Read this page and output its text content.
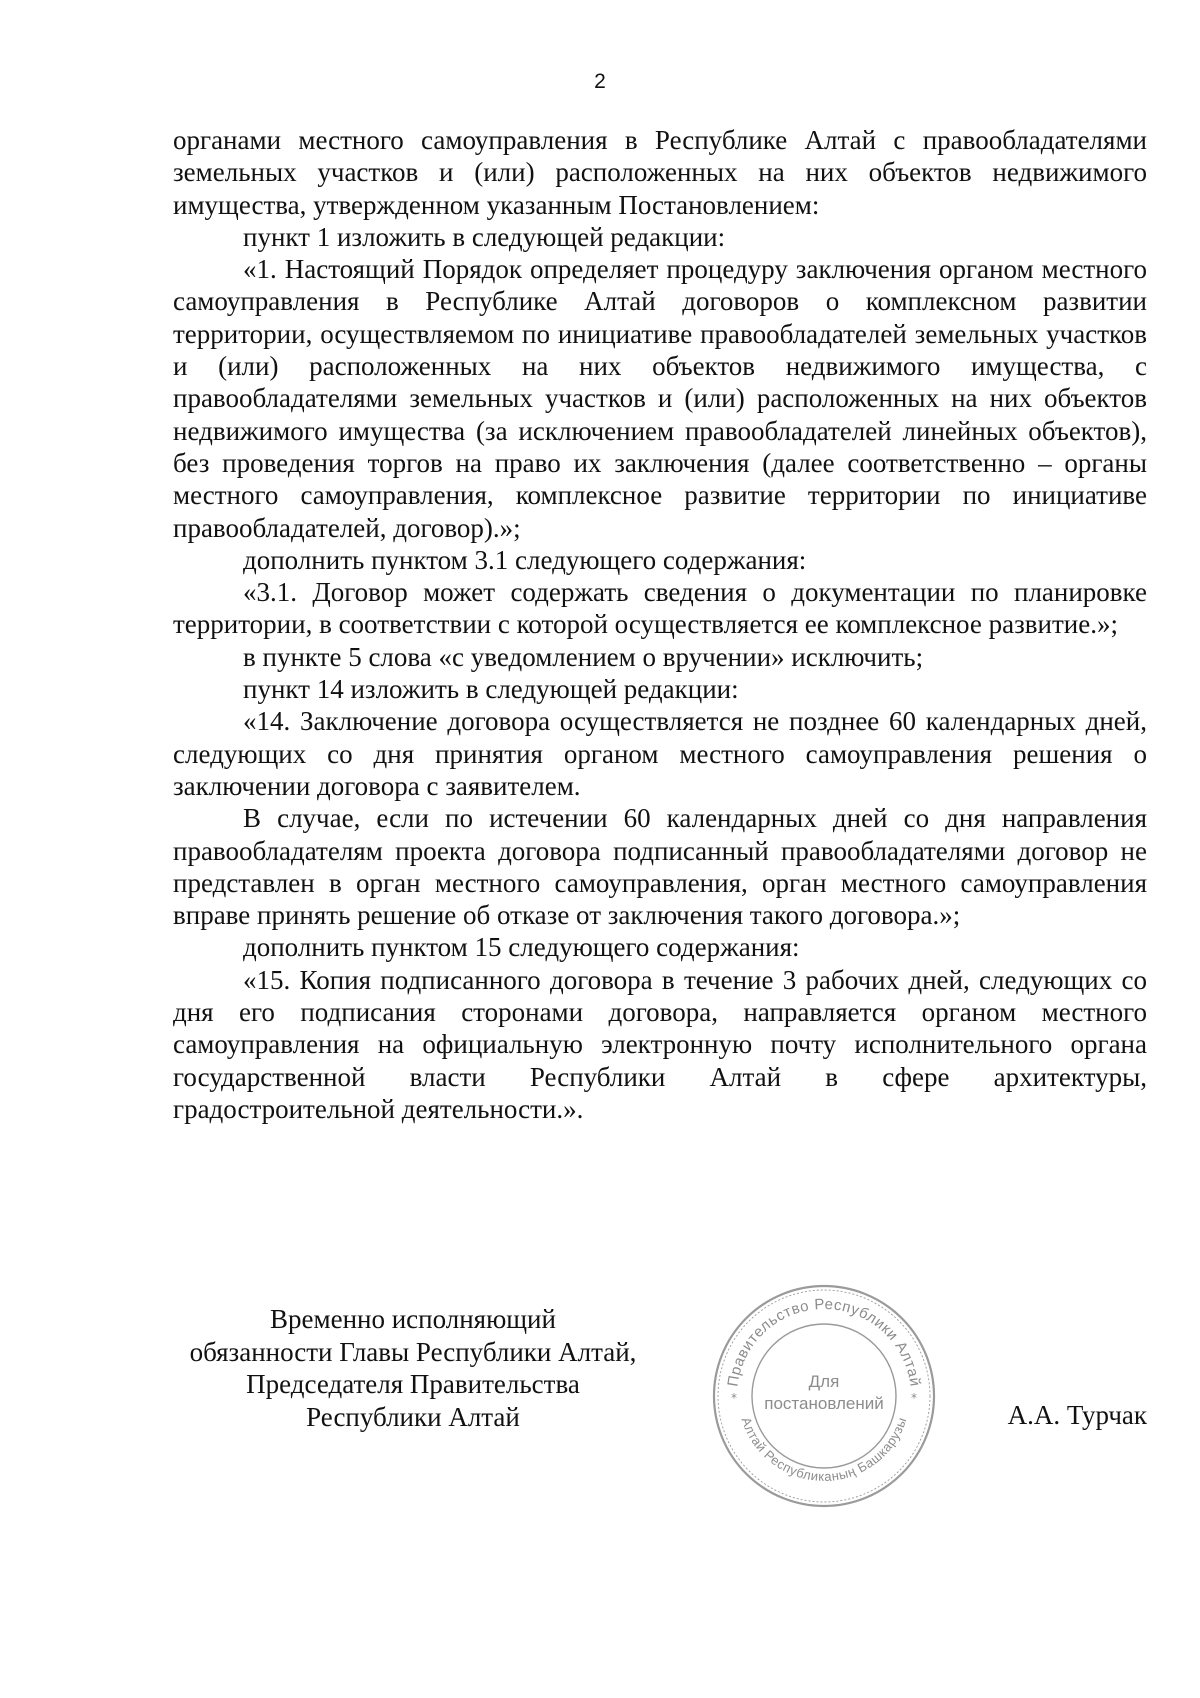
2

органами местного самоуправления в Республике Алтай с правообладателями земельных участков и (или) расположенных на них объектов недвижимого имущества, утвержденном указанным Постановлением:

пункт 1 изложить в следующей редакции:

«1. Настоящий Порядок определяет процедуру заключения органом местного самоуправления в Республике Алтай договоров о комплексном развитии территории, осуществляемом по инициативе правообладателей земельных участков и (или) расположенных на них объектов недвижимого имущества, с правообладателями земельных участков и (или) расположенных на них объектов недвижимого имущества (за исключением правообладателей линейных объектов), без проведения торгов на право их заключения (далее соответственно – органы местного самоуправления, комплексное развитие территории по инициативе правообладателей, договор).»;

дополнить пунктом 3.1 следующего содержания:

«3.1. Договор может содержать сведения о документации по планировке территории, в соответствии с которой осуществляется ее комплексное развитие.»;

в пункте 5 слова «с уведомлением о вручении» исключить;

пункт 14 изложить в следующей редакции:

«14. Заключение договора осуществляется не позднее 60 календарных дней, следующих со дня принятия органом местного самоуправления решения о заключении договора с заявителем.

В случае, если по истечении 60 календарных дней со дня направления правообладателям проекта договора подписанный правообладателями договор не представлен в орган местного самоуправления, орган местного самоуправления вправе принять решение об отказе от заключения такого договора.»;

дополнить пунктом 15 следующего содержания:

«15. Копия подписанного договора в течение 3 рабочих дней, следующих со дня его подписания сторонами договора, направляется органом местного самоуправления на официальную электронную почту исполнительного органа государственной власти Республики Алтай в сфере архитектуры, градостроительной деятельности.».

Временно исполняющий
обязанности Главы Республики Алтай,
Председателя Правительства
Республики Алтай
Правительство Республики Алтай
Алтай Республиканың Башкарузы
*	*
Для
постановлений	А.А. Турчак
